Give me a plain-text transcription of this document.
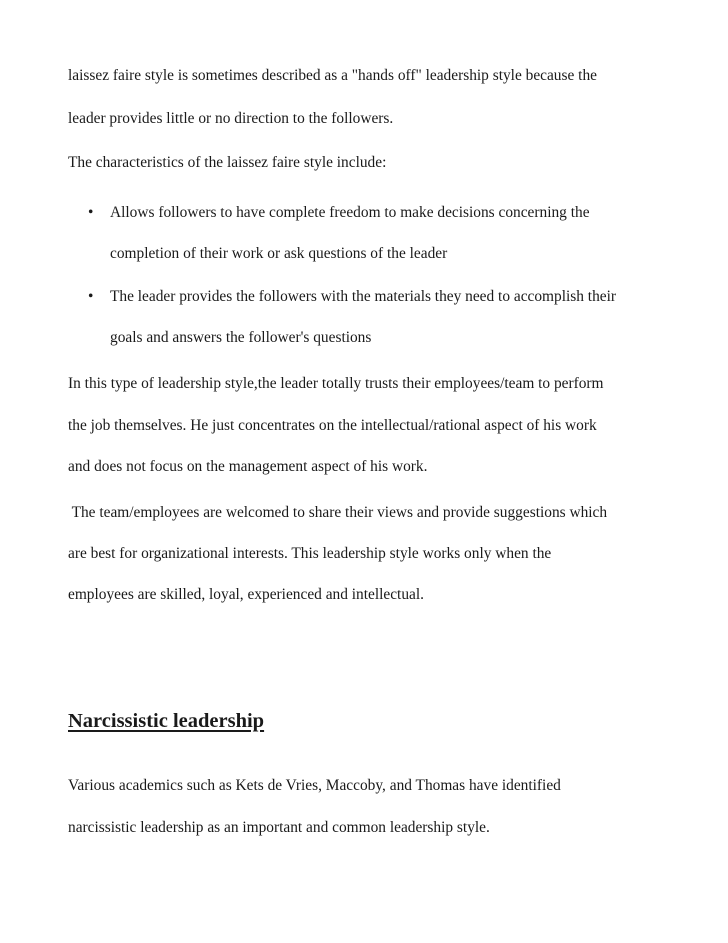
laissez faire style is sometimes described as a "hands off" leadership style because the

leader provides little or no direction to the followers.

The characteristics of the laissez faire style include:

• Allows followers to have complete freedom to make decisions concerning the

completion of their work or ask questions of the leader

• The leader provides the followers with the materials they need to accomplish their

goals and answers the follower's questions

In this type of leadership style,the leader totally trusts their employees/team to perform

the job themselves. He just concentrates on the intellectual/rational aspect of his work

and does not focus on the management aspect of his work.

The team/employees are welcomed to share their views and provide suggestions which

are best for organizational interests. This leadership style works only when the

employees are skilled, loyal, experienced and intellectual.

Narcissistic leadership

Various academics such as Kets de Vries, Maccoby, and Thomas have identified

narcissistic leadership as an important and common leadership style.
